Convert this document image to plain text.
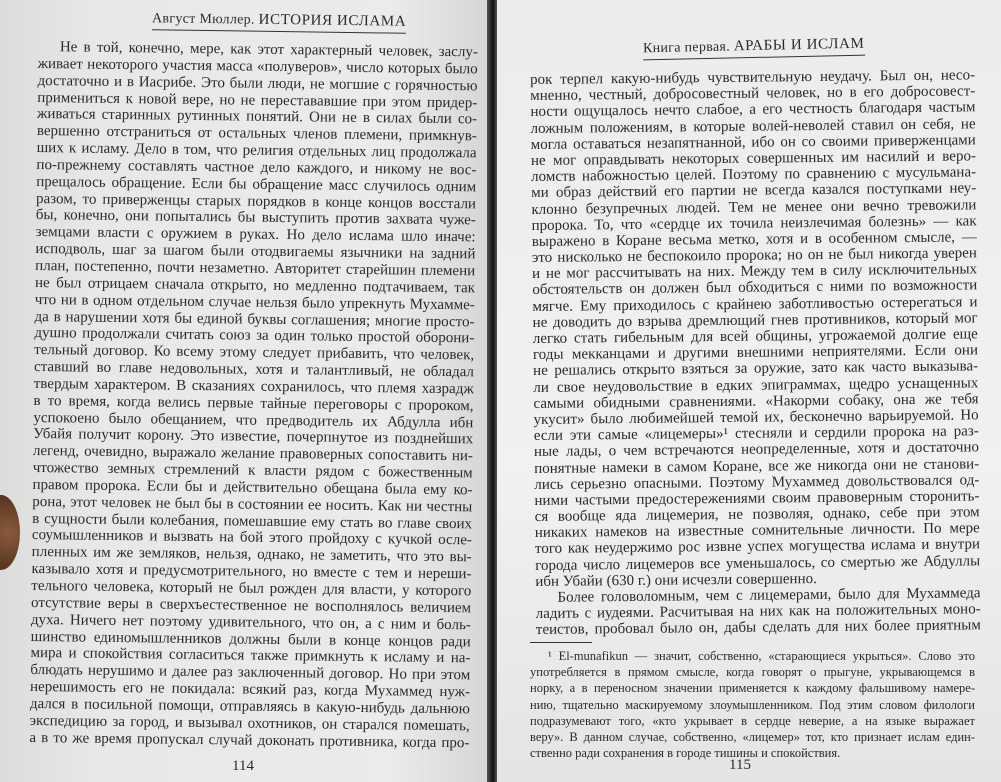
Август Мюллер. ИСТОРИЯ ИСЛАМА
Не в той, конечно, мере, как этот характерный человек, заслу-
живает некоторого участия масса «полуверов», число которых было
достаточно и в Иасрибе. Это были люди, не могшие с горячностью
примениться к новой вере, но не перестававшие при этом придер-
живаться старинных рутинных понятий. Они не в силах были со-
вершенно отстраниться от остальных членов племени, примкнув-
ших к исламу. Дело в том, что религия отдельных лиц продолжала
по-прежнему составлять частное дело каждого, и никому не вос-
прещалось обращение. Если бы обращение масс случилось одним
разом, то приверженцы старых порядков в конце концов восстали
бы, конечно, они попытались бы выступить против захвата чуже-
земцами власти с оружием в руках. Но дело ислама шло иначе:
исподволь, шаг за шагом были отодвигаемы язычники на задний
план, постепенно, почти незаметно. Авторитет старейшин племени
не был отрицаем сначала открыто, но медленно подтачиваем, так
что ни в одном отдельном случае нельзя было упрекнуть Мухамме-
да в нарушении хотя бы единой буквы соглашения; многие просто-
душно продолжали считать союз за один только простой оборони-
тельный договор. Ко всему этому следует прибавить, что человек,
ставший во главе недовольных, хотя и талантливый, не обладал
твердым характером. В сказаниях сохранилось, что племя хазрадж
в то время, когда велись первые тайные переговоры с пророком,
успокоено было обещанием, что предводитель их Абдулла ибн
Убайя получит корону. Это известие, почерпнутое из позднейших
легенд, очевидно, выражало желание правоверных сопоставить ни-
чтожество земных стремлений к власти рядом с божественным
правом пророка. Если бы и действительно обещана была ему ко-
рона, этот человек не был бы в состоянии ее носить. Как ни честны
в сущности были колебания, помешавшие ему стать во главе своих
соумышленников и вызвать на бой этого пройдоху с кучкой осле-
пленных им же земляков, нельзя, однако, не заметить, что это вы-
казывало хотя и предусмотрительного, но вместе с тем и нереши-
тельного человека, который не был рожден для власти, у которого
отсутствие веры в сверхъестественное не восполнялось величием
духа. Ничего нет поэтому удивительного, что он, а с ним и боль-
шинство единомышленников должны были в конце концов ради
мира и спокойствия согласиться также примкнуть к исламу и на-
блюдать нерушимо и далее раз заключенный договор. Но при этом
нерешимость его не покидала: всякий раз, когда Мухаммед нуж-
дался в посильной помощи, отправляясь в какую-нибудь дальнюю
экспедицию за город, и вызывал охотников, он старался помешать,
а в то же время пропускал случай доконать противника, когда про-
114
Книга первая. АРАБЫ И ИСЛАМ
рок терпел какую-нибудь чувствительную неудачу. Был он, несо-
мненно, честный, добросовестный человек, но в его добросовест-
ности ощущалось нечто слабое, а его честность благодаря частым
ложным положениям, в которые волей-неволей ставил он себя, не
могла оставаться незапятнанной, ибо он со своими приверженцами
не мог оправдывать некоторых совершенных им насилий и веро-
ломств набожностью целей. Поэтому по сравнению с мусульмана-
ми образ действий его партии не всегда казался поступками неу-
клонно безупречных людей. Тем не менее они вечно тревожили
пророка. То, что «сердце их точила неизлечимая болезнь» — как
выражено в Коране весьма метко, хотя и в особенном смысле, —
это нисколько не беспокоило пророка; но он не был никогда уверен
и не мог рассчитывать на них. Между тем в силу исключительных
обстоятельств он должен был обходиться с ними по возможности
мягче. Ему приходилось с крайнею заботливостью остерегаться и
не доводить до взрыва дремлющий гнев противников, который мог
легко стать гибельным для всей общины, угрожаемой долгие еще
годы мекканцами и другими внешними неприятелями. Если они
не решались открыто взяться за оружие, зато как часто выказыва-
ли свое неудовольствие в едких эпиграммах, щедро уснащенных
самыми обидными сравнениями. «Накорми собаку, она же тебя
укусит» было любимейшей темой их, бесконечно варьируемой. Но
если эти самые «лицемеры»¹ стесняли и сердили пророка на раз-
ные лады, о чем встречаются неопределенные, хотя и достаточно
понятные намеки в самом Коране, все же никогда они не станови-
лись серьезно опасными. Поэтому Мухаммед довольствовался од-
ними частыми предостережениями своим правоверным сторонить-
ся вообще яда лицемерия, не позволяя, однако, себе при этом
никаких намеков на известные сомнительные личности. По мере
того как неудержимо рос извне успех могущества ислама и внутри
города число лицемеров все уменьшалось, со смертью же Абдуллы
ибн Убайи (630 г.) они исчезли совершенно.
Более головоломным, чем с лицемерами, было для Мухаммеда
ладить с иудеями. Расчитывая на них как на положительных моно-
теистов, пробовал было он, дабы сделать для них более приятным
¹ El-munafikun — значит, собственно, «старающиеся укрыться». Слово это
употребляется в прямом смысле, когда говорят о прыгуне, укрывающемся в
норку, а в переносном значении применяется к каждому фальшивому намере-
нию, тщательно маскируемому злоумышленником. Под этим словом филологи
подразумевают того, «кто укрывает в сердце неверие, а на языке выражает
веру». В данном случае, собственно, «лицемер» тот, кто признает ислам един-
ственно ради сохранения в городе тишины и спокойствия.
115
